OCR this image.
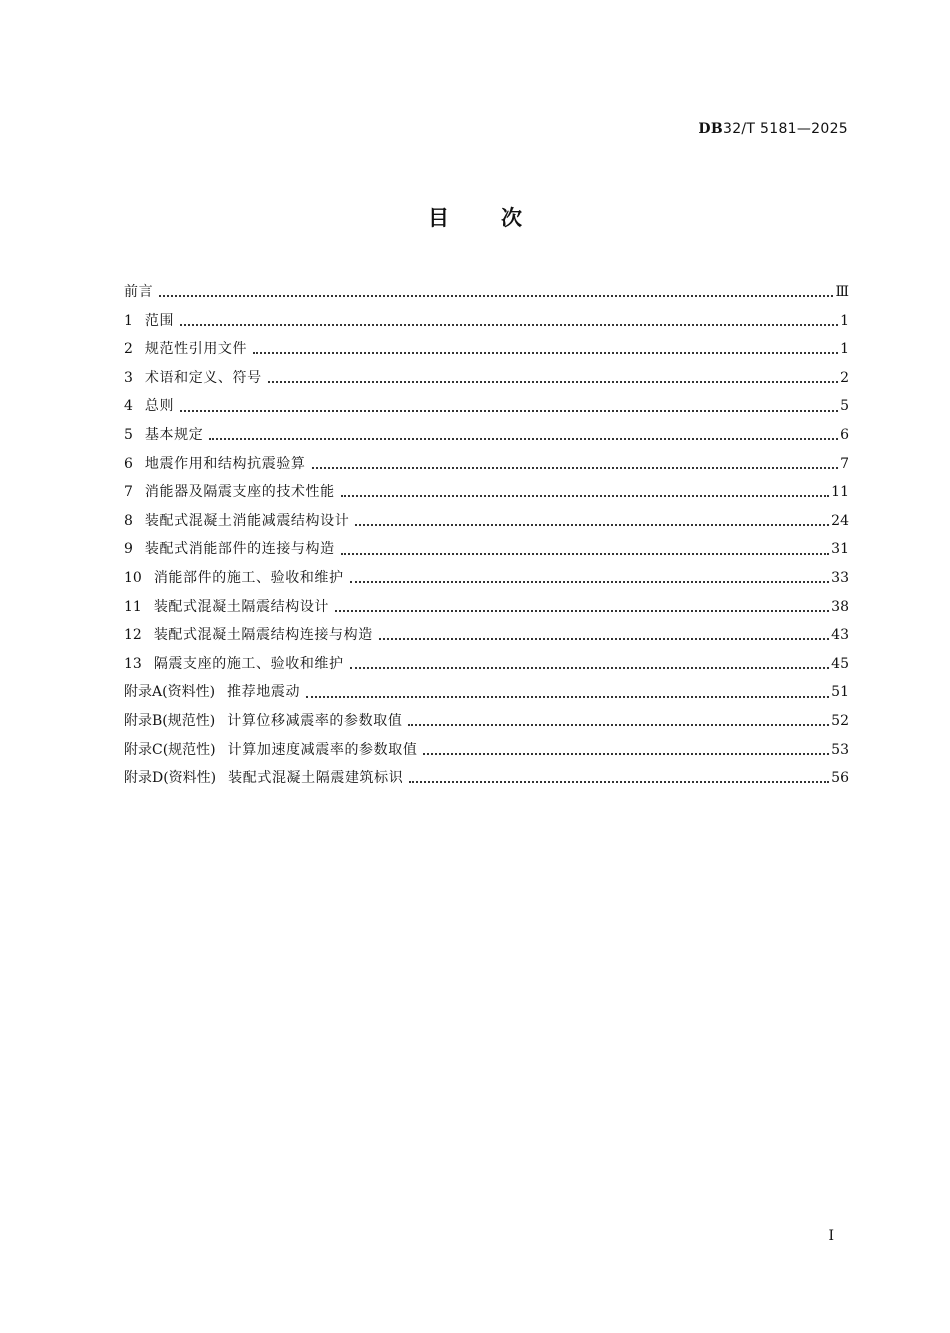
DB32/T 5181—2025
目次
前言	Ⅲ
1 范围	1
2 规范性引用文件	1
3 术语和定义、符号	2
4 总则	5
5 基本规定	6
6 地震作用和结构抗震验算	7
7 消能器及隔震支座的技术性能	11
8 装配式混凝土消能减震结构设计	24
9 装配式消能部件的连接与构造	31
10 消能部件的施工、验收和维护	33
11 装配式混凝土隔震结构设计	38
12 装配式混凝土隔震结构连接与构造	43
13 隔震支座的施工、验收和维护	45
附录A(资料性) 推荐地震动	51
附录B(规范性) 计算位移减震率的参数取值	52
附录C(规范性) 计算加速度减震率的参数取值	53
附录D(资料性) 装配式混凝土隔震建筑标识	56
I
